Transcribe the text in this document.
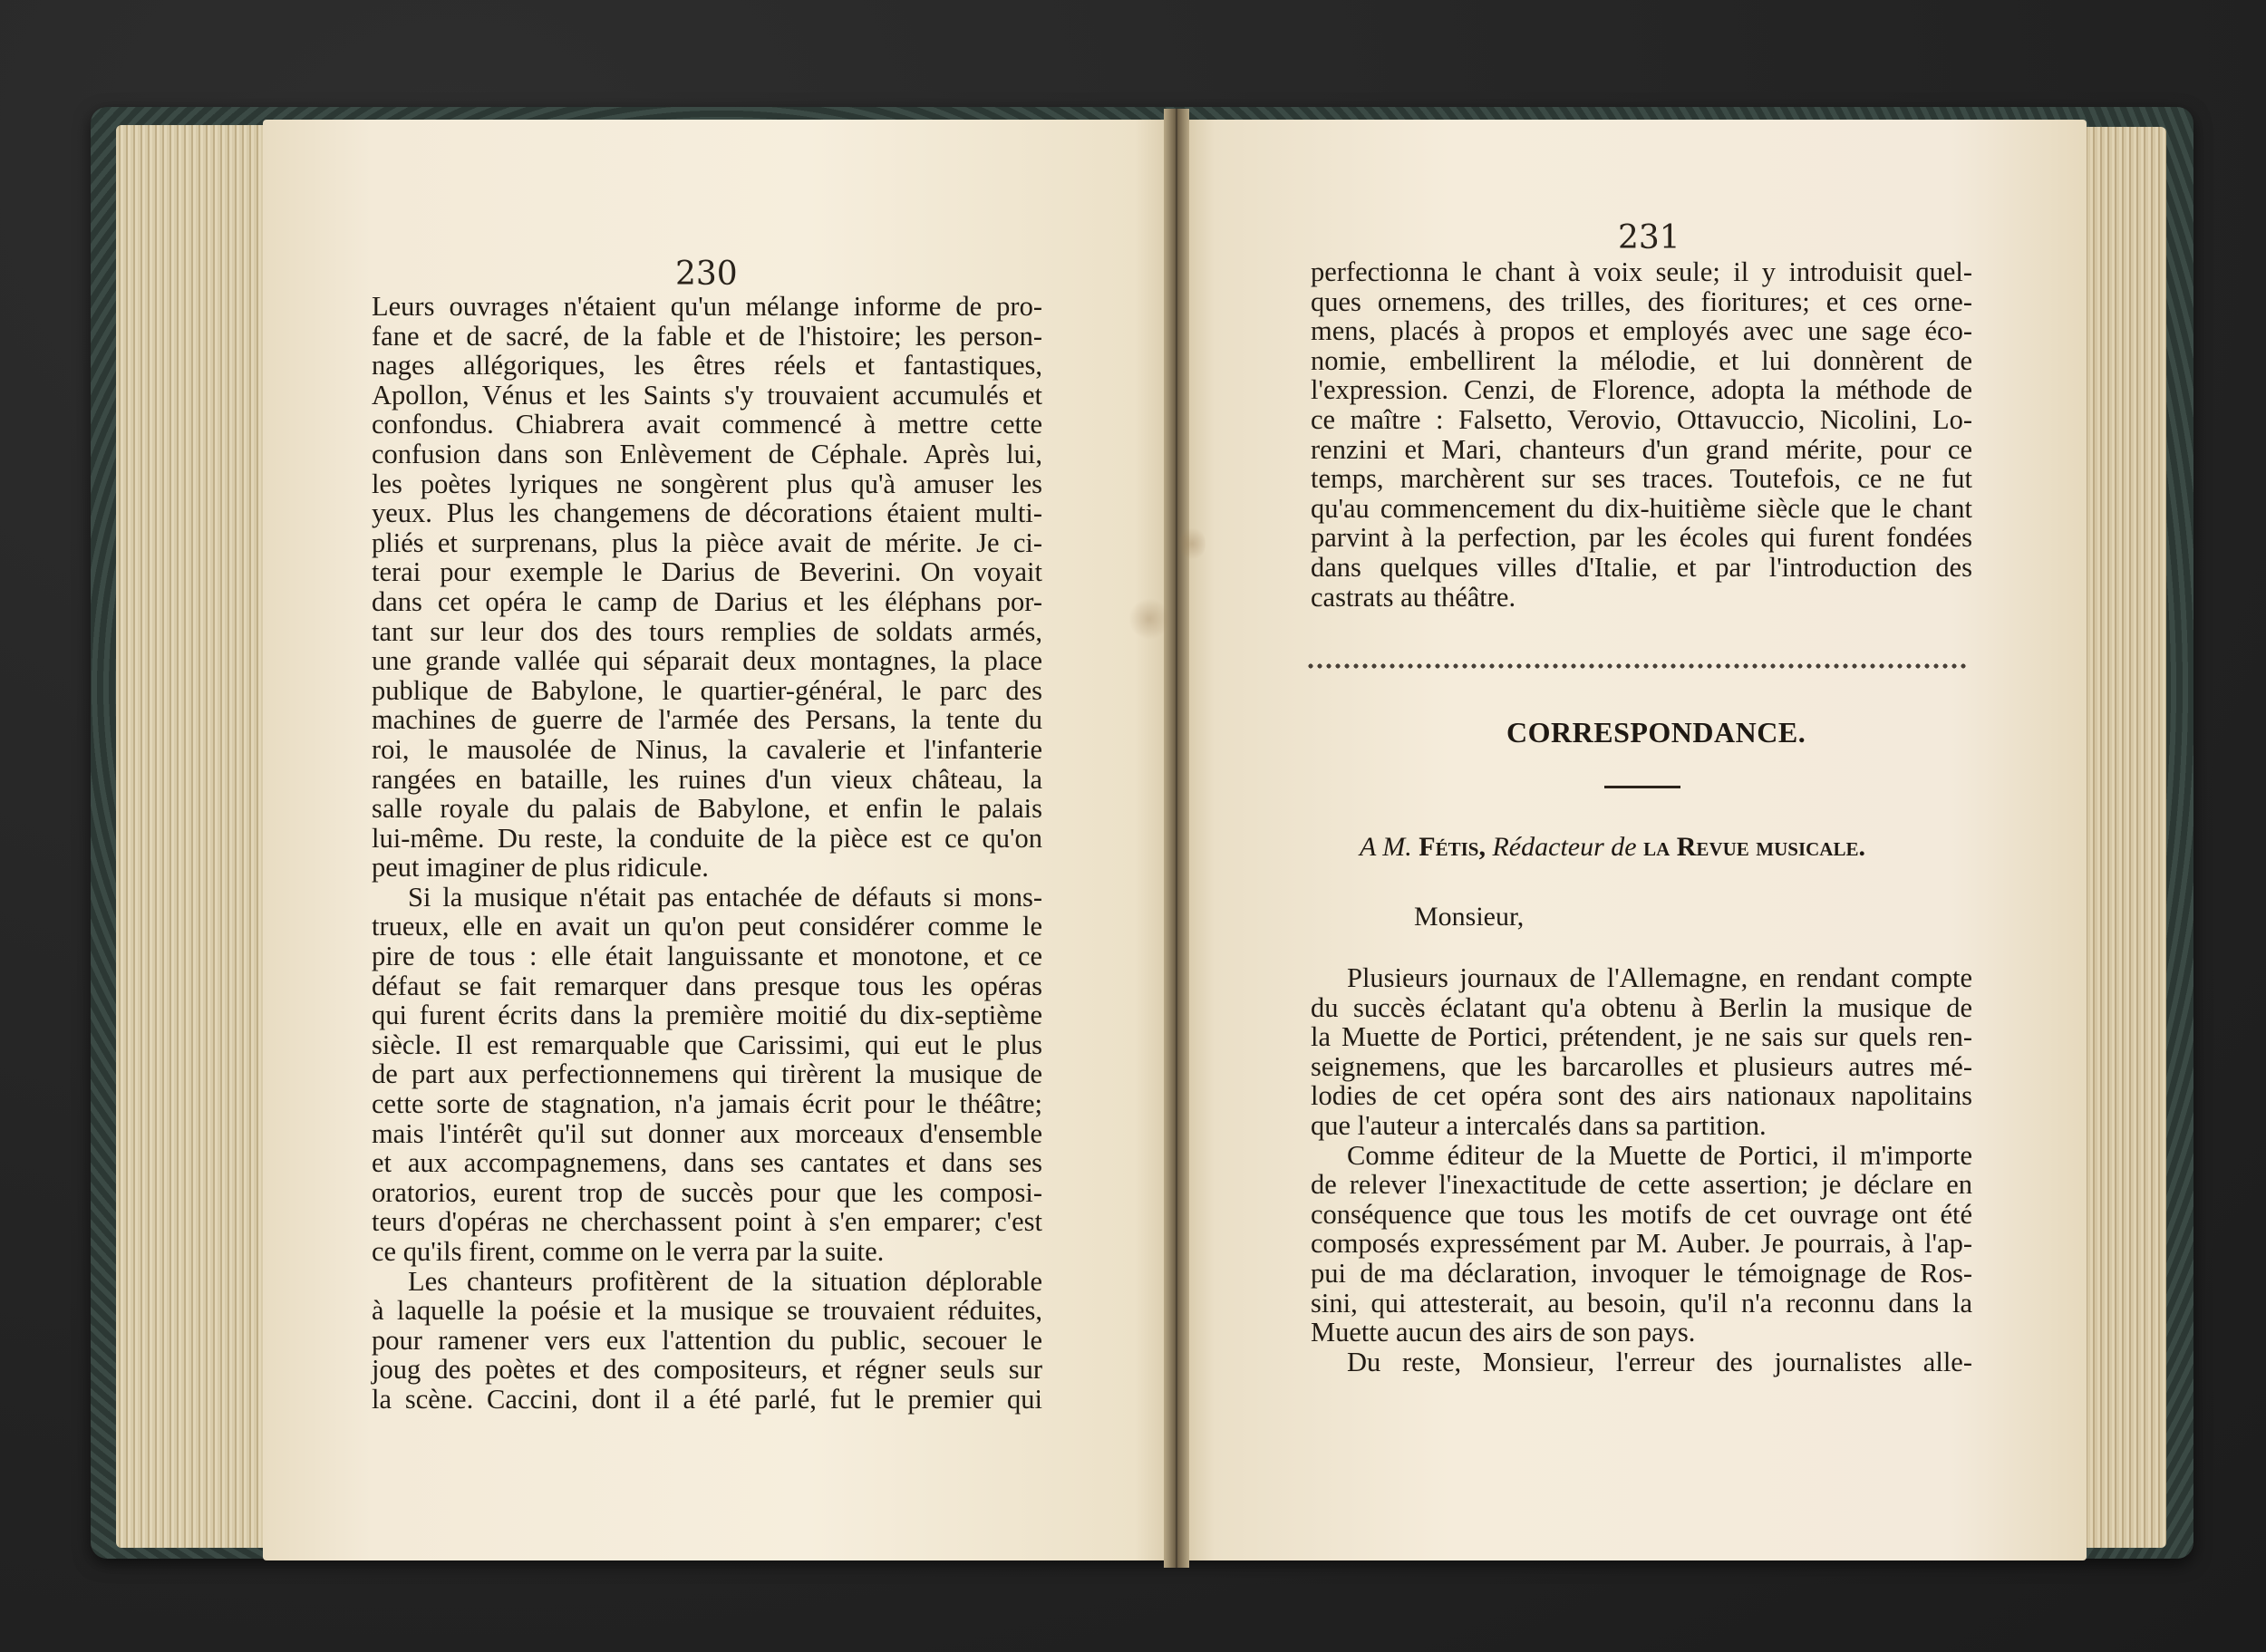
230
Leurs ouvrages n'étaient qu'un mélange informe de pro-
fane et de sacré, de la fable et de l'histoire; les person-
nages allégoriques, les êtres réels et fantastiques,
Apollon, Vénus et les Saints s'y trouvaient accumulés et
confondus. Chiabrera avait commencé à mettre cette
confusion dans son Enlèvement de Céphale. Après lui,
les poètes lyriques ne songèrent plus qu'à amuser les
yeux. Plus les changemens de décorations étaient multi-
pliés et surprenans, plus la pièce avait de mérite. Je ci-
terai pour exemple le Darius de Beverini. On voyait
dans cet opéra le camp de Darius et les éléphans por-
tant sur leur dos des tours remplies de soldats armés,
une grande vallée qui séparait deux montagnes, la place
publique de Babylone, le quartier-général, le parc des
machines de guerre de l'armée des Persans, la tente du
roi, le mausolée de Ninus, la cavalerie et l'infanterie
rangées en bataille, les ruines d'un vieux château, la
salle royale du palais de Babylone, et enfin le palais
lui-même. Du reste, la conduite de la pièce est ce qu'on
peut imaginer de plus ridicule.
Si la musique n'était pas entachée de défauts si mons-
trueux, elle en avait un qu'on peut considérer comme le
pire de tous : elle était languissante et monotone, et ce
défaut se fait remarquer dans presque tous les opéras
qui furent écrits dans la première moitié du dix-septième
siècle. Il est remarquable que Carissimi, qui eut le plus
de part aux perfectionnemens qui tirèrent la musique de
cette sorte de stagnation, n'a jamais écrit pour le théâtre;
mais l'intérêt qu'il sut donner aux morceaux d'ensemble
et aux accompagnemens, dans ses cantates et dans ses
oratorios, eurent trop de succès pour que les composi-
teurs d'opéras ne cherchassent point à s'en emparer; c'est
ce qu'ils firent, comme on le verra par la suite.
Les chanteurs profitèrent de la situation déplorable
à laquelle la poésie et la musique se trouvaient réduites,
pour ramener vers eux l'attention du public, secouer le
joug des poètes et des compositeurs, et régner seuls sur
la scène. Caccini, dont il a été parlé, fut le premier qui
231
perfectionna le chant à voix seule; il y introduisit quel-
ques ornemens, des trilles, des fioritures; et ces orne-
mens, placés à propos et employés avec une sage éco-
nomie, embellirent la mélodie, et lui donnèrent de
l'expression. Cenzi, de Florence, adopta la méthode de
ce maître : Falsetto, Verovio, Ottavuccio, Nicolini, Lo-
renzini et Mari, chanteurs d'un grand mérite, pour ce
temps, marchèrent sur ses traces. Toutefois, ce ne fut
qu'au commencement du dix-huitième siècle que le chant
parvint à la perfection, par les écoles qui furent fondées
dans quelques villes d'Italie, et par l'introduction des
castrats au théâtre.
CORRESPONDANCE.
A M. Fétis, Rédacteur de la Revue musicale.
Monsieur,
Plusieurs journaux de l'Allemagne, en rendant compte
du succès éclatant qu'a obtenu à Berlin la musique de
la Muette de Portici, prétendent, je ne sais sur quels ren-
seignemens, que les barcarolles et plusieurs autres mé-
lodies de cet opéra sont des airs nationaux napolitains
que l'auteur a intercalés dans sa partition.
Comme éditeur de la Muette de Portici, il m'importe
de relever l'inexactitude de cette assertion; je déclare en
conséquence que tous les motifs de cet ouvrage ont été
composés expressément par M. Auber. Je pourrais, à l'ap-
pui de ma déclaration, invoquer le témoignage de Ros-
sini, qui attesterait, au besoin, qu'il n'a reconnu dans la
Muette aucun des airs de son pays.
Du reste, Monsieur, l'erreur des journalistes alle-
